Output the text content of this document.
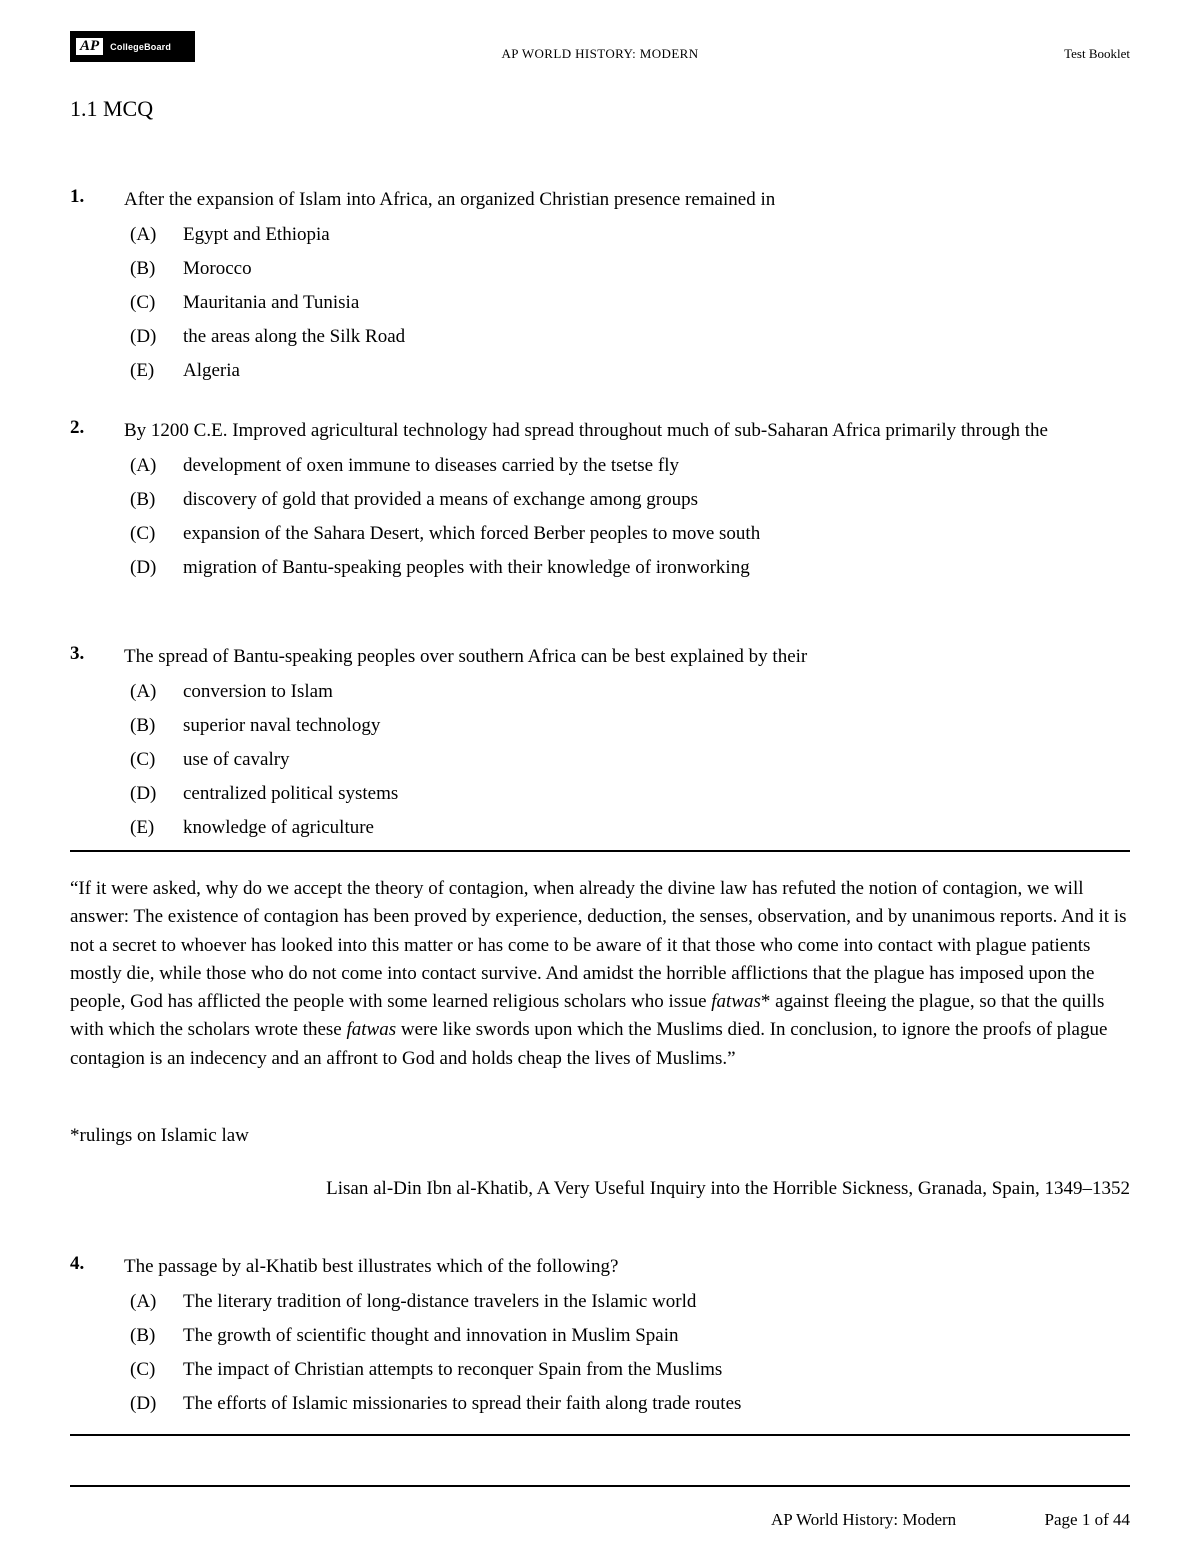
AP	CollegeBoard	AP WORLD HISTORY: MODERN	Test Booklet
1.1 MCQ
1. After the expansion of Islam into Africa, an organized Christian presence remained in
(A) Egypt and Ethiopia
(B) Morocco
(C) Mauritania and Tunisia
(D) the areas along the Silk Road
(E) Algeria
2. By 1200 C.E. Improved agricultural technology had spread throughout much of sub-Saharan Africa primarily through the
(A) development of oxen immune to diseases carried by the tsetse fly
(B) discovery of gold that provided a means of exchange among groups
(C) expansion of the Sahara Desert, which forced Berber peoples to move south
(D) migration of Bantu-speaking peoples with their knowledge of ironworking
3. The spread of Bantu-speaking peoples over southern Africa can be best explained by their
(A) conversion to Islam
(B) superior naval technology
(C) use of cavalry
(D) centralized political systems
(E) knowledge of agriculture
“If it were asked, why do we accept the theory of contagion, when already the divine law has refuted the notion of contagion, we will answer: The existence of contagion has been proved by experience, deduction, the senses, observation, and by unanimous reports. And it is not a secret to whoever has looked into this matter or has come to be aware of it that those who come into contact with plague patients mostly die, while those who do not come into contact survive. And amidst the horrible afflictions that the plague has imposed upon the people, God has afflicted the people with some learned religious scholars who issue fatwas* against fleeing the plague, so that the quills with which the scholars wrote these fatwas were like swords upon which the Muslims died. In conclusion, to ignore the proofs of plague contagion is an indecency and an affront to God and holds cheap the lives of Muslims.”
*rulings on Islamic law
Lisan al-Din Ibn al-Khatib, A Very Useful Inquiry into the Horrible Sickness, Granada, Spain, 1349–1352
4. The passage by al-Khatib best illustrates which of the following?
(A) The literary tradition of long-distance travelers in the Islamic world
(B) The growth of scientific thought and innovation in Muslim Spain
(C) The impact of Christian attempts to reconquer Spain from the Muslims
(D) The efforts of Islamic missionaries to spread their faith along trade routes
AP World History: Modern	Page 1 of 44
